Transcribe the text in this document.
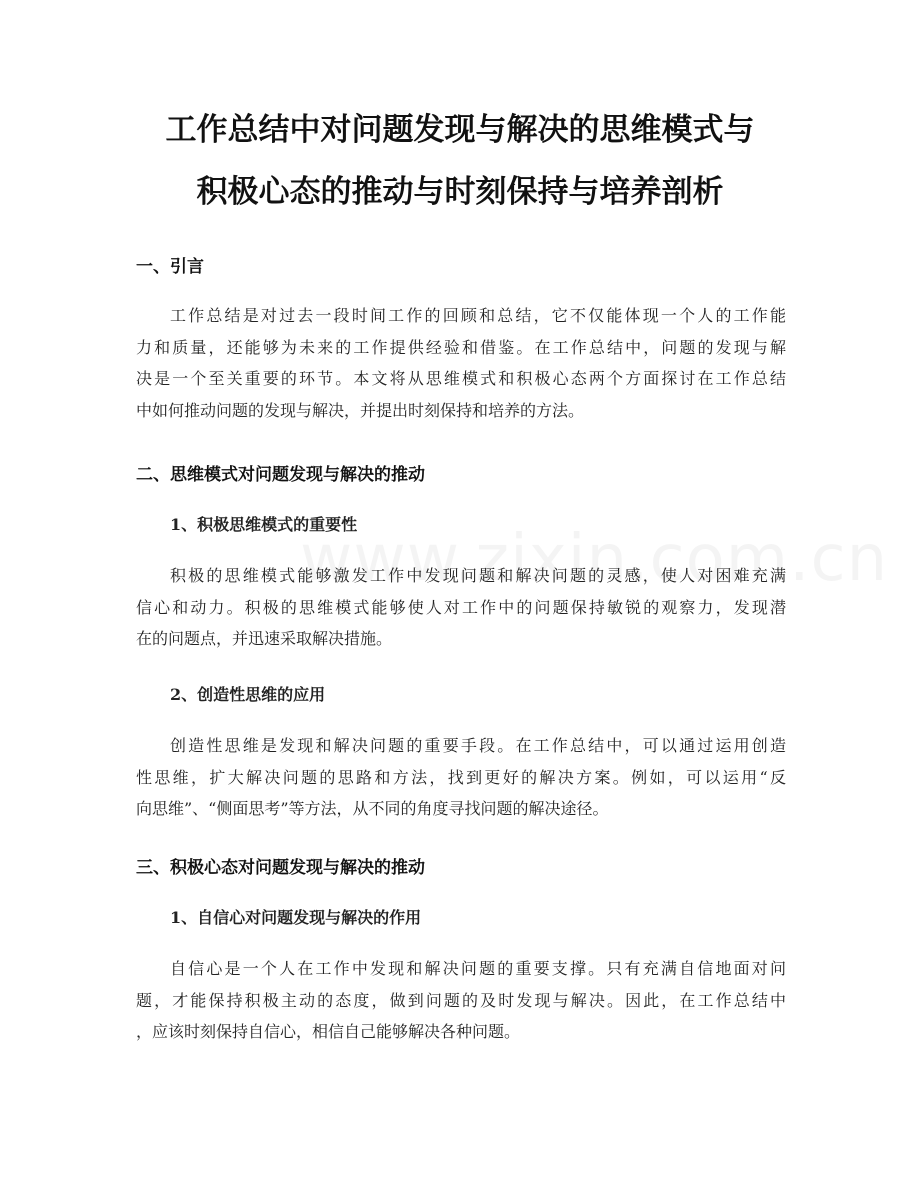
工作总结中对问题发现与解决的思维模式与
积极心态的推动与时刻保持与培养剖析
一、引言
工作总结是对过去一段时间工作的回顾和总结，它不仅能体现一个人的工作能
力和质量，还能够为未来的工作提供经验和借鉴。在工作总结中，问题的发现与解
决是一个至关重要的环节。本文将从思维模式和积极心态两个方面探讨在工作总结
中如何推动问题的发现与解决，并提出时刻保持和培养的方法。
二、思维模式对问题发现与解决的推动
1、积极思维模式的重要性
积极的思维模式能够激发工作中发现问题和解决问题的灵感，使人对困难充满
信心和动力。积极的思维模式能够使人对工作中的问题保持敏锐的观察力，发现潜
在的问题点，并迅速采取解决措施。
2、创造性思维的应用
创造性思维是发现和解决问题的重要手段。在工作总结中，可以通过运用创造
性思维，扩大解决问题的思路和方法，找到更好的解决方案。例如，可以运用“反
向思维”、“侧面思考”等方法，从不同的角度寻找问题的解决途径。
三、积极心态对问题发现与解决的推动
1、自信心对问题发现与解决的作用
自信心是一个人在工作中发现和解决问题的重要支撑。只有充满自信地面对问
题，才能保持积极主动的态度，做到问题的及时发现与解决。因此，在工作总结中
，应该时刻保持自信心，相信自己能够解决各种问题。
